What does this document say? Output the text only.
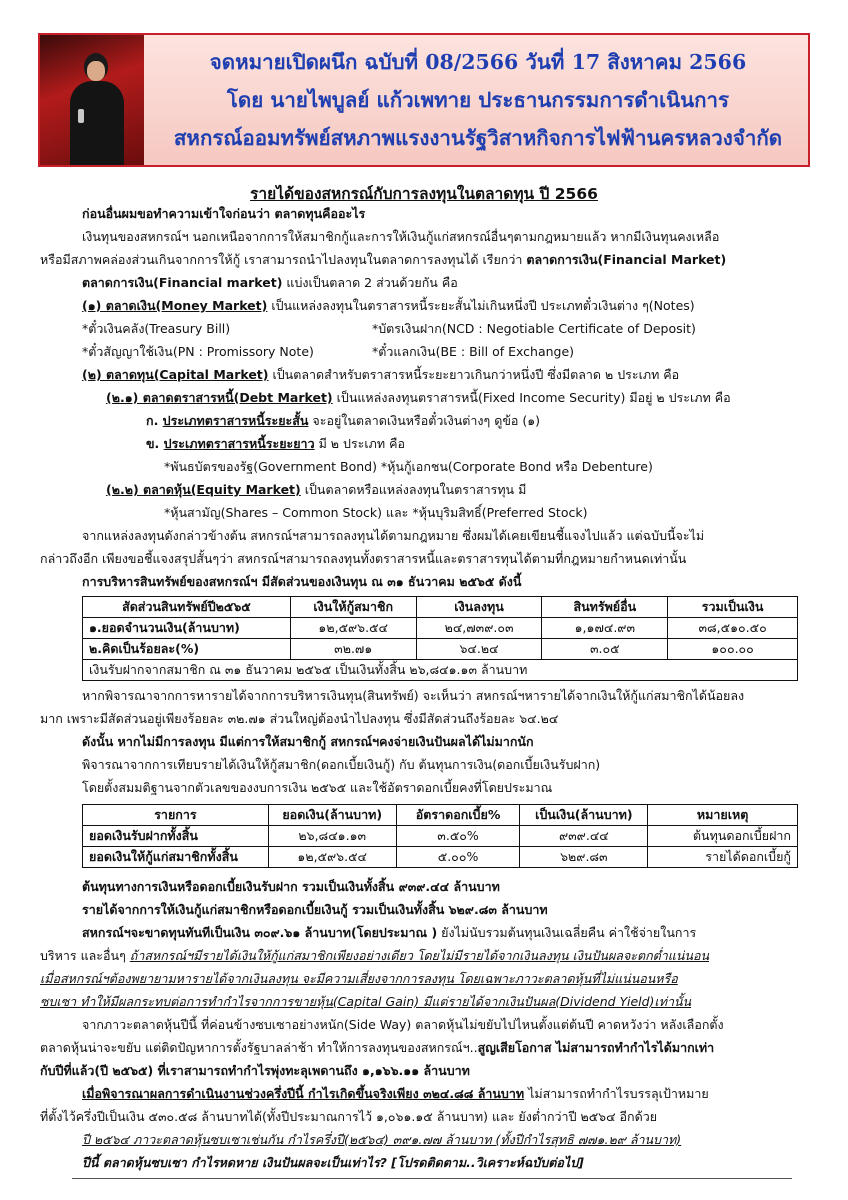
จดหมายเปิดผนึก ฉบับที่ 08/2566 วันที่ 17 สิงหาคม 2566
โดย นายไพบูลย์ แก้วเพทาย ประธานกรรมการดำเนินการ
สหกรณ์ออมทรัพย์สหภาพแรงงานรัฐวิสาหกิจการไฟฟ้านครหลวงจำกัด
รายได้ของสหกรณ์กับการลงทุนในตลาดทุน ปี 2566
ก่อนอื่นผมขอทำความเข้าใจก่อนว่า ตลาดทุนคืออะไร
เงินทุนของสหกรณ์ฯ นอกเหนือจากการให้สมาชิกกู้และการให้เงินกู้แก่สหกรณ์อื่นๆตามกฎหมายแล้ว หากมีเงินทุนคงเหลือ
หรือมีสภาพคล่องส่วนเกินจากการให้กู้ เราสามารถนำไปลงทุนในตลาดการลงทุนได้ เรียกว่า ตลาดการเงิน(Financial Market)
ตลาดการเงิน(Financial market) แบ่งเป็นตลาด 2 ส่วนด้วยกัน คือ
(๑) ตลาดเงิน(Money Market) เป็นแหล่งลงทุนในตราสารหนี้ระยะสั้นไม่เกินหนึ่งปี ประเภทตั๋วเงินต่าง ๆ(Notes)
*ตั๋วเงินคลัง(Treasury Bill)	*บัตรเงินฝาก(NCD : Negotiable Certificate of Deposit)
*ตั๋วสัญญาใช้เงิน(PN : Promissory Note)	*ตั๋วแลกเงิน(BE : Bill of Exchange)
(๒) ตลาดทุน(Capital Market) เป็นตลาดสำหรับตราสารหนี้ระยะยาวเกินกว่าหนึ่งปี ซึ่งมีตลาด ๒ ประเภท คือ
(๒.๑) ตลาดตราสารหนี้(Debt Market) เป็นแหล่งลงทุนตราสารหนี้(Fixed Income Security) มีอยู่ ๒ ประเภท คือ
ก. ประเภทตราสารหนี้ระยะสั้น จะอยู่ในตลาดเงินหรือตั๋วเงินต่างๆ ดูข้อ (๑)
ข. ประเภทตราสารหนี้ระยะยาว มี ๒ ประเภท คือ
*พันธบัตรของรัฐ(Government Bond) *หุ้นกู้เอกชน(Corporate Bond หรือ Debenture)
(๒.๒) ตลาดหุ้น(Equity Market) เป็นตลาดหรือแหล่งลงทุนในตราสารทุน มี
*หุ้นสามัญ(Shares – Common Stock) และ *หุ้นบุริมสิทธิ์(Preferred Stock)
จากแหล่งลงทุนดังกล่าวข้างต้น สหกรณ์ฯสามารถลงทุนได้ตามกฎหมาย ซึ่งผมได้เคยเขียนชี้แจงไปแล้ว แต่ฉบับนี้จะไม่
กล่าวถึงอีก เพียงขอชี้แจงสรุปสั้นๆว่า สหกรณ์ฯสามารถลงทุนทั้งตราสารหนี้และตราสารทุนได้ตามที่กฎหมายกำหนดเท่านั้น
การบริหารสินทรัพย์ของสหกรณ์ฯ มีสัดส่วนของเงินทุน ณ ๓๑ ธันวาคม ๒๕๖๕ ดังนี้
สัดส่วนสินทรัพย์ปี๒๕๖๕	เงินให้กู้สมาชิก	เงินลงทุน	สินทรัพย์อื่น	รวมเป็นเงิน
๑.ยอดจำนวนเงิน(ล้านบาท)	๑๒,๕๙๖.๕๔	๒๔,๗๓๙.๐๓	๑,๑๗๔.๙๓	๓๘,๕๑๐.๕๐
๒.คิดเป็นร้อยละ(%)	๓๒.๗๑	๖๔.๒๔	๓.๐๕	๑๐๐.๐๐
เงินรับฝากจากสมาชิก ณ ๓๑ ธันวาคม ๒๕๖๕ เป็นเงินทั้งสิ้น ๒๖,๘๔๑.๑๓ ล้านบาท				
หากพิจารณาจากการหารายได้จากการบริหารเงินทุน(สินทรัพย์) จะเห็นว่า สหกรณ์ฯหารายได้จากเงินให้กู้แก่สมาชิกได้น้อยลง
มาก เพราะมีสัดส่วนอยู่เพียงร้อยละ ๓๒.๗๑ ส่วนใหญ่ต้องนำไปลงทุน ซึ่งมีสัดส่วนถึงร้อยละ ๖๔.๒๔
ดังนั้น หากไม่มีการลงทุน มีแต่การให้สมาชิกกู้ สหกรณ์ฯคงจ่ายเงินปันผลได้ไม่มากนัก
พิจารณาจากการเทียบรายได้เงินให้กู้สมาชิก(ดอกเบี้ยเงินกู้) กับ ต้นทุนการเงิน(ดอกเบี้ยเงินรับฝาก)
โดยตั้งสมมติฐานจากตัวเลขของงบการเงิน ๒๕๖๕ และใช้อัตราดอกเบี้ยคงที่โดยประมาณ
รายการ	ยอดเงิน(ล้านบาท)	อัตราดอกเบี้ย%	เป็นเงิน(ล้านบาท)	หมายเหตุ
ยอดเงินรับฝากทั้งสิ้น	๒๖,๘๔๑.๑๓	๓.๕๐%	๙๓๙.๔๔	ต้นทุนดอกเบี้ยฝาก
ยอดเงินให้กู้แก่สมาชิกทั้งสิ้น	๑๒,๕๙๖.๕๔	๕.๐๐%	๖๒๙.๘๓	รายได้ดอกเบี้ยกู้
ต้นทุนทางการเงินหรือดอกเบี้ยเงินรับฝาก รวมเป็นเงินทั้งสิ้น ๙๓๙.๔๔ ล้านบาท
รายได้จากการให้เงินกู้แก่สมาชิกหรือดอกเบี้ยเงินกู้ รวมเป็นเงินทั้งสิ้น ๖๒๙.๘๓ ล้านบาท
สหกรณ์ฯจะขาดทุนทันทีเป็นเงิน ๓๐๙.๖๑ ล้านบาท(โดยประมาณ ) ยังไม่นับรวมต้นทุนเงินเฉลี่ยคืน ค่าใช้จ่ายในการ
บริหาร และอื่นๆ ถ้าสหกรณ์ฯมีรายได้เงินให้กู้แก่สมาชิกเพียงอย่างเดียว โดยไม่มีรายได้จากเงินลงทุน เงินปันผลจะตกต่ำแน่นอน
เมื่อสหกรณ์ฯต้องพยายามหารายได้จากเงินลงทุน จะมีความเสี่ยงจากการลงทุน โดยเฉพาะภาวะตลาดหุ้นที่ไม่แน่นอนหรือ
ซบเซา ทำให้มีผลกระทบต่อการทำกำไรจากการขายหุ้น(Capital Gain) มีแต่รายได้จากเงินปันผล(Dividend Yield)เท่านั้น
จากภาวะตลาดหุ้นปีนี้ ที่ค่อนข้างซบเซาอย่างหนัก(Side Way) ตลาดหุ้นไม่ขยับไปไหนตั้งแต่ต้นปี คาดหวังว่า หลังเลือกตั้ง
ตลาดหุ้นน่าจะขยับ แต่ติดปัญหาการตั้งรัฐบาลล่าช้า ทำให้การลงทุนของสหกรณ์ฯ..สูญเสียโอกาส ไม่สามารถทำกำไรได้มากเท่า
กับปีที่แล้ว(ปี ๒๕๖๕) ที่เราสามารถทำกำไรพุ่งทะลุเพดานถึง ๑,๑๖๖.๑๑ ล้านบาท
เมื่อพิจารณาผลการดำเนินงานช่วงครึ่งปีนี้ กำไรเกิดขึ้นจริงเพียง ๓๒๔.๘๘ ล้านบาท ไม่สามารถทำกำไรบรรลุเป้าหมาย
ที่ตั้งไว้ครึ่งปีเป็นเงิน ๕๓๐.๕๘ ล้านบาทได้(ทั้งปีประมาณการไว้ ๑,๐๖๑.๑๕ ล้านบาท) และ ยังต่ำกว่าปี ๒๕๖๔ อีกด้วย
ปี ๒๕๖๔ ภาวะตลาดหุ้นซบเซาเช่นกัน กำไรครึ่งปี(๒๕๖๔) ๓๙๑.๗๗ ล้านบาท (ทั้งปีกำไรสุทธิ ๗๗๑.๒๙ ล้านบาท)
ปีนี้ ตลาดหุ้นซบเซา กำไรหดหาย เงินปันผลจะเป็นเท่าไร? [โปรดติดตาม..วิเคราะห์ฉบับต่อไป]
